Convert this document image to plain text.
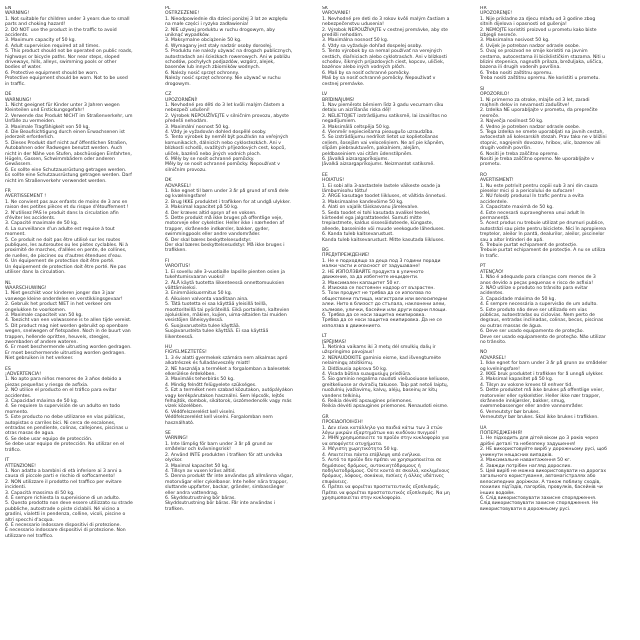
EN
WARNING!
1. Not suitable for children under 3 years due to small parts and choking hazard!
2. DO NOT use the product in the traffic to avoid accidents.
3. Maximum capacity of 50 kg.
4. Adult supervision required at all times.
5. This product should not be operated on public roads, highways or bicycle paths. Nor near steps, sloped driveways, hills, alleys, swimming pools or other bodies of water.
6. Protective equipment should be worn.
Protective equipment should be worn. Not to be used in traffic.
DE
WARNUNG!
1. Nicht geeignet für Kinder unter 3 Jahren wegen Kleinteilen und Erstickungsgefahr!
2. Verwende das Produkt NICHT im Straßenverkehr, um Unfälle zu vermeiden.
3. Maximale Tragfähigkeit von 50 kg.
4. Die Beaufsichtigung durch einen Erwachsenen ist jederzeit erforderlich.
5. Dieses Produkt darf nicht auf öffentlichen Straßen, Autobahnen oder Radwegen benutzt werden. Auch nicht in der Nähe von Stufen, abschüssigen Einfahrten, Hügeln, Gassen, Schwimmbädern oder anderen Gewässern.
6. Es sollte eine Schutzausrüstung getragen werden.
Es sollte eine Schutzausrüstung getragen werden. Darf nicht im Straßenverkehr verwendet werden.
FR
AVERTISSEMENT !
1. Ne convient pas aux enfants de moins de 3 ans en raison des petites pièces et du risque d'étouffement !
2. N'utilisez PAS le produit dans la circulation afin d'éviter les accidents.
3. Capacité maximale de 50 kg.
4. La surveillance d'un adulte est requise à tout moment.
5. Ce produit ne doit pas être utilisé sur les routes publiques, les autoroutes ou les pistes cyclables. Ni à proximité de marches, d'allées en pente, de collines, de ruelles, de piscines ou d'autres étendues d'eau.
6. Un équipement de protection doit être porté.
Un équipement de protection doit être porté. Ne pas utiliser dans la circulation.
NL
WAARSCHUWING!
1. Niet geschikt voor kinderen jonger dan 3 jaar vanwege kleine onderdelen en verstikkingsgevaar!
2. Gebruik het product NIET in het verkeer om ongelukken te voorkomen.
3. Maximale capaciteit van 50 kg.
4. Toezicht van een volwassene is te allen tijde vereist.
5. Dit product mag niet worden gebruikt op openbare wegen, snelwegen of fietspaden. Noch in de buurt van trappen, hellende opritten, heuvels, steegjes, zwembaden of andere wateren.
6. Er moet beschermende uitrusting worden gedragen.
Er moet beschermende uitrusting worden gedragen. Niet gebruiken in het verkeer.
ES
¡ADVERTENCIA!
1. No apto para niños menores de 3 años debido a piezas pequeñas y riesgo de asfixia.
2. NO utilice el producto en el tráfico para evitar accidentes.
3. Capacidad máxima de 50 kg.
4. Se requiere la supervisión de un adulto en todo momento.
5. Este producto no debe utilizarse en vías públicas, autopistas o carriles bici. Ni cerca de escalones, entradas en pendiente, colinas, callejones, piscinas u otras masas de agua.
6. Se debe usar equipo de protección.
Se debe usar equipo de protección. No utilizar en el tráfico.
IT
ATTENZIONE!
1. Non adatto a bambini di età inferiore ai 3 anni a causa di piccole parti e rischio di soffocamento!
2. NON utilizzare il prodotto nel traffico per evitare incidenti.
3. Capacità massima di 50 kg.
4. È sempre richiesta la supervisione di un adulto.
5. Questo prodotto non deve essere utilizzato su strade pubbliche, autostrade o piste ciclabili. Né vicino a gradini, vialetti in pendenza, colline, vicoli, piscine o altri specchi d'acqua.
6. È necessario indossare dispositivi di protezione.
È necessario indossare dispositivi di protezione. Non utilizzare nel traffico.
PL
OSTRZEŻENIE!
1. Nieodpowiednie dla dzieci poniżej 3 lat ze względu na małe części i ryzyko zadławienia!
2. NIE używaj produktu w ruchu drogowym, aby uniknąć wypadków.
3. Maksymalne obciążenie 50 kg.
4. Wymagany jest stały nadzór osoby dorosłej.
5. Produktu nie należy używać na drogach publicznych, autostradach ani ścieżkach rowerowych. Ani w pobliżu schodów, pochyłych podjazdów, wzgórz, alejek, basenów lub innych zbiorników wodnych.
6. Należy nosić sprzęt ochronny.
Należy nosić sprzęt ochronny. Nie używać w ruchu drogowym.
CZ
UPOZORNĚNÍ!
1. Nevhodné pro děti do 3 let kvůli malým částem a nebezpečí udušení!
2. Výrobek NEPOUŽÍVEJTE v silničním provozu, abyste předešli nehodám.
3. Maximální nosnost 50 kg.
4. Vždy je vyžadován dohled dospělé osoby.
5. Tento výrobek by neměl být používán na veřejných komunikacích, dálnicích nebo cyklostezkách. Ani v blízkosti schodů, svažitých příjezdových cest, kopců, uliček, bazénů nebo jiných vodních ploch.
6. Měly by se nosit ochranné pomůcky.
Měly by se nosit ochranné pomůcky. Nepoužívat v silničním provozu.
DK
ADVARSEL!
1. Ikke egnet til børn under 3 år på grund af små dele og kvælningsfare!
2. Brug IKKE produktet i trafikken for at undgå ulykker.
3. Maksimal kapacitet på 50 kg.
4. Der kræves altid opsyn af en voksen.
5. Dette produkt må ikke bruges på offentlige veje, motorveje eller cykelstier. Heller ikke i nærheden af trapper, skrånende indkørsler, bakker, gyder, swimmingpools eller andre vandområder.
6. Der skal bæres beskyttelsesudstyr.
Der skal bæres beskyttelsesudstyr. Må ikke bruges i trafikken.
FI
VAROITUS!
1. Ei sovellu alle 3-vuotiaille lapsille pienten osien ja tukehtumisvaaran vuoksi!
2. ÄLÄ käytä tuotetta liikenteessä onnettomuuksien välttämiseksi.
3. Enimmäiskuormitus 50 kg.
4. Aikuisen valvonta vaaditaan aina.
5. Tätä tuotetta ei saa käyttää yleisillä teillä, moottoriteillä tai pyöräteillä. Eikä portaiden, kaltevien ajoluiskien, mäkien, kujien, uima-altaiden tai muiden vesistöjen läheisyydessä.
6. Suojavarusteita tulee käyttää.
Suojavarusteita tulee käyttää. Ei saa käyttää liikenteessä.
HU
FIGYELMEZTETÉS!
1. 3 év alatti gyermekek számára nem alkalmas apró alkatrészek és fulladásveszély miatt!
2. NE használja a terméket a forgalomban a balesetek elkerülése érdekében.
3. Maximális teherbírás 50 kg.
4. Mindig felnőtt felügyelete szükséges.
5. Ezt a terméket nem szabad közutakon, autópályákon vagy kerékpárutakon használni. Sem lépcsők, lejtős felhajtók, dombok, sikátorok, úszómedencék vagy más vizek közelében.
6. Védőfelszerelést kell viselni.
Védőfelszerelést kell viselni. Forgalomban nem használható.
SE
VARNING!
1. Inte lämplig för barn under 3 år på grund av smådelar och kvävningsrisk!
2. Använd INTE produkten i trafiken för att undvika olyckor.
3. Maximal kapacitet 50 kg.
4. Tillsyn av vuxen krävs alltid.
5. Denna produkt får inte användas på allmänna vägar, motorvägar eller cykelbanor. Inte heller nära trappor, sluttande uppfarter, backar, gränder, simbassänger eller andra vattendrag.
6. Skyddsutrustning bör bäras.
Skyddsutrustning bör bäras. Får inte användas i trafiken.
SK
VAROVANIE!
1. Nevhodné pre deti do 3 rokov kvôli malým častiam a nebezpečenstvu udusenia!
2. Výrobok NEPOUŽÍVAJTE v cestnej premávke, aby ste predišli nehodám.
3. Maximálna nosnosť 50 kg.
4. Vždy sa vyžaduje dohľad dospelej osoby.
5. Tento výrobok by sa nemal používať na verejných cestách, diaľniciach alebo cyklotrasách. Ani v blízkosti schodov, šikmých príjazdových ciest, kopcov, uličiek, bazénov alebo iných vodných plôch.
6. Mali by sa nosiť ochranné pomôcky.
Mali by sa nosiť ochranné pomôcky. Nepoužívať v cestnej premávke.
LV
BRĪDINĀJUMS!
1. Nav piemērots bērniem līdz 3 gadu vecumam sīku detaļu un aizrīšanās riska dēļ!
2. NELIETOJIET izstrādājumu satiksmē, lai izvairītos no negadījumiem.
3. Maksimālā celtspēja 50 kg.
4. Vienmēr nepieciešama pieaugušo uzraudzība.
5. Šo izstrādājumu nedrīkst lietot uz koplietošanas ceļiem, šosejām vai veloceliņiem. Ne arī pie kāpnēm, slīpām piebrauktuvēm, pakalniem, alejām, peldbaseiniem vai citām ūdenstilpnēm.
6. Jāvalkā aizsargaprīkojums.
Jāvalkā aizsargaprīkojums. Neizmantot satiksmē.
EE
HOIATUS!
1. Ei sobi alla 3-aastastele lastele väikeste osade ja lämbumisohu tõttu!
2. ÄRGE kasutage toodet liikluses, et vältida õnnetusi.
3. Maksimaalne kandevõime 50 kg.
4. Alati on vajalik täiskasvanu järelevalve.
5. Seda toodet ei tohi kasutada avalikel teedel, kiirteedel ega jalgrattateedel. Samuti mitte trepiastmete, kaldus sissesõiduteede, küngaste, alleede, basseinide või muude veekogude läheduses.
6. Kanda tuleb kaitsevarustust.
Kanda tuleb kaitsevarustust. Mitte kasutada liikluses.
BG
ПРЕДУПРЕЖДЕНИЕ!
1. Не е подходящо за деца под 3 години поради малки части и опасност от задушаване!
2. НЕ ИЗПОЛЗВАЙТЕ продукта в уличното движение, за да избегнете инциденти.
3. Максимален капацитет 50 кг.
4. Изисква се постоянен надзор от възрастен.
5. Този продукт не трябва да се използва по обществени пътища, магистрали или велосипедни алеи. Нито в близост до стъпала, наклонени алеи, хълмове, улички, басейни или други водни площи.
6. Трябва да се носи защитна екипировка.
Трябва да се носи защитна екипировка. Да не се използва в движението.
LT
ĮSPĖJIMAS!
1. Netinka vaikams iki 3 metų dėl smulkių dalių ir užspringimo pavojaus!
2. NENAUDOKITE gaminio eisme, kad išvengtumėte nelaimingų atsitikimų.
3. Didžiausia apkrova 50 kg.
4. Visada būtina suaugusiųjų priežiūra.
5. Šio gaminio negalima naudoti viešuosiuose keliuose, greitkeliuose ar dviračių takuose. Taip pat netoli laiptų, nuožulnių įvažiavimų, kalvų, alėjų, baseinų ar kitų vandens telkinių.
6. Reikia dėvėti apsaugines priemones.
Reikia dėvėti apsaugines priemones. Nenaudoti eisme.
GR
ΠΡΟΕΙΔΟΠΟΙΗΣΗ!
1. Δεν είναι κατάλληλο για παιδιά κάτω των 3 ετών λόγω μικρών εξαρτημάτων και κινδύνου πνιγμού!
2. ΜΗΝ χρησιμοποιείτε το προϊόν στην κυκλοφορία για να αποφύγετε ατυχήματα.
3. Μέγιστη χωρητικότητα 50 kg.
4. Απαιτείται πάντα επίβλεψη από ενήλικα.
5. Αυτό το προϊόν δεν πρέπει να χρησιμοποιείται σε δημόσιους δρόμους, αυτοκινητόδρομους ή ποδηλατοδρόμους. Ούτε κοντά σε σκαλιά, κεκλιμένους δρόμους, λόφους, σοκάκια, πισίνες ή άλλες υδάτινες επιφάνειες.
6. Πρέπει να φοριέται προστατευτικός εξοπλισμός.
Πρέπει να φοριέται προστατευτικός εξοπλισμός. Να μη χρησιμοποιείται στην κυκλοφορία.
HR
UPOZORENJE!
1. Nije prikladno za djecu mlađu od 3 godine zbog sitnih dijelova i opasnosti od gušenja!
2. NEMOJTE koristiti proizvod u prometu kako biste izbjegli nesreće.
3. Maksimalna nosivost 50 kg.
4. Uvijek je potreban nadzor odrasle osobe.
5. Ovaj se proizvod ne smije koristiti na javnim cestama, autocestama ili biciklističkim stazama. Niti u blizini stepenica, nagnutih prilaza, brežuljaka, uličica, bazena ili drugih vodenih površina.
6. Treba nositi zaštitnu opremu.
Treba nositi zaštitnu opremu. Ne koristiti u prometu.
SI
OPOZORILO!
1. Ni primerno za otroke, mlajše od 3 let, zaradi majhnih delov in nevarnosti zadušitve!
2. Izdelka NE uporabljajte v prometu, da preprečite nesreče.
3. Največja nosilnost 50 kg.
4. Vedno je potreben nadzor odrasle osebe.
5. Tega izdelka ne smete uporabljati na javnih cestah, avtocestah ali kolesarskih stezah. Prav tako ne v bližini stopnic, nagnjenih dovozov, hribov, ulic, bazenov ali drugih vodnih površin.
6. Nositi je treba zaščitno opremo.
Nositi je treba zaščitno opremo. Ne uporabljajte v prometu.
RO
AVERTISMENT!
1. Nu este potrivit pentru copiii sub 3 ani din cauza pieselor mici și a pericolului de sufocare!
2. NU folosiți produsul în trafic pentru a evita accidentele.
3. Capacitate maximă de 50 kg.
4. Este necesară supravegherea unui adult în permanență.
5. Acest produs nu trebuie utilizat pe drumuri publice, autostrăzi sau piste pentru biciclete. Nici în apropierea treptelor, aleilor în pantă, dealurilor, aleilor, piscinelor sau a altor întinderi de apă.
6. Trebuie purtat echipament de protecție.
Trebuie purtat echipament de protecție. A nu se utiliza în trafic.
PT
ATENÇÃO!
1. Não é adequado para crianças com menos de 3 anos devido a peças pequenas e risco de asfixia!
2. NÃO utilize o produto no trânsito para evitar acidentes.
3. Capacidade máxima de 50 kg.
4. É sempre necessária a supervisão de um adulto.
5. Este produto não deve ser utilizado em vias públicas, autoestradas ou ciclovias. Nem perto de degraus, entradas inclinadas, colinas, becos, piscinas ou outras massas de água.
6. Deve ser usado equipamento de proteção.
Deve ser usado equipamento de proteção. Não utilizar no trânsito.
NO
ADVARSEL!
1. Ikke egnet for barn under 3 år på grunn av smådeler og kvelningsfare!
2. IKKE bruk produktet i trafikken for å unngå ulykker.
3. Maksimal kapasitet på 50 kg.
4. Tilsyn av voksne kreves til enhver tid.
5. Dette produktet må ikke brukes på offentlige veier, motorveier eller sykkelstier. Heller ikke nær trapper, skrånende innkjørsler, bakker, smug, svømmebassenger eller andre vannområder.
6. Verneutstyr bør brukes.
Verneutstyr bør brukes. Skal ikke brukes i trafikken.
UA
ПОПЕРЕДЖЕННЯ!
1. Не підходить для дітей віком до 3 років через дрібні деталі та небезпеку задушення!
2. НЕ використовуйте виріб у дорожньому русі, щоб уникнути нещасних випадків.
3. Максимальне навантаження 50 кг.
4. Завжди потрібен нагляд дорослих.
5. Цей виріб не можна використовувати на дорогах загального користування, автомагістралях або велосипедних доріжках. А також поблизу сходів, похилих під'їздів, пагорбів, провулків, басейнів чи інших водойм.
6. Слід використовувати захисне спорядження.
Слід використовувати захисне спорядження. Не використовувати в дорожньому русі.
